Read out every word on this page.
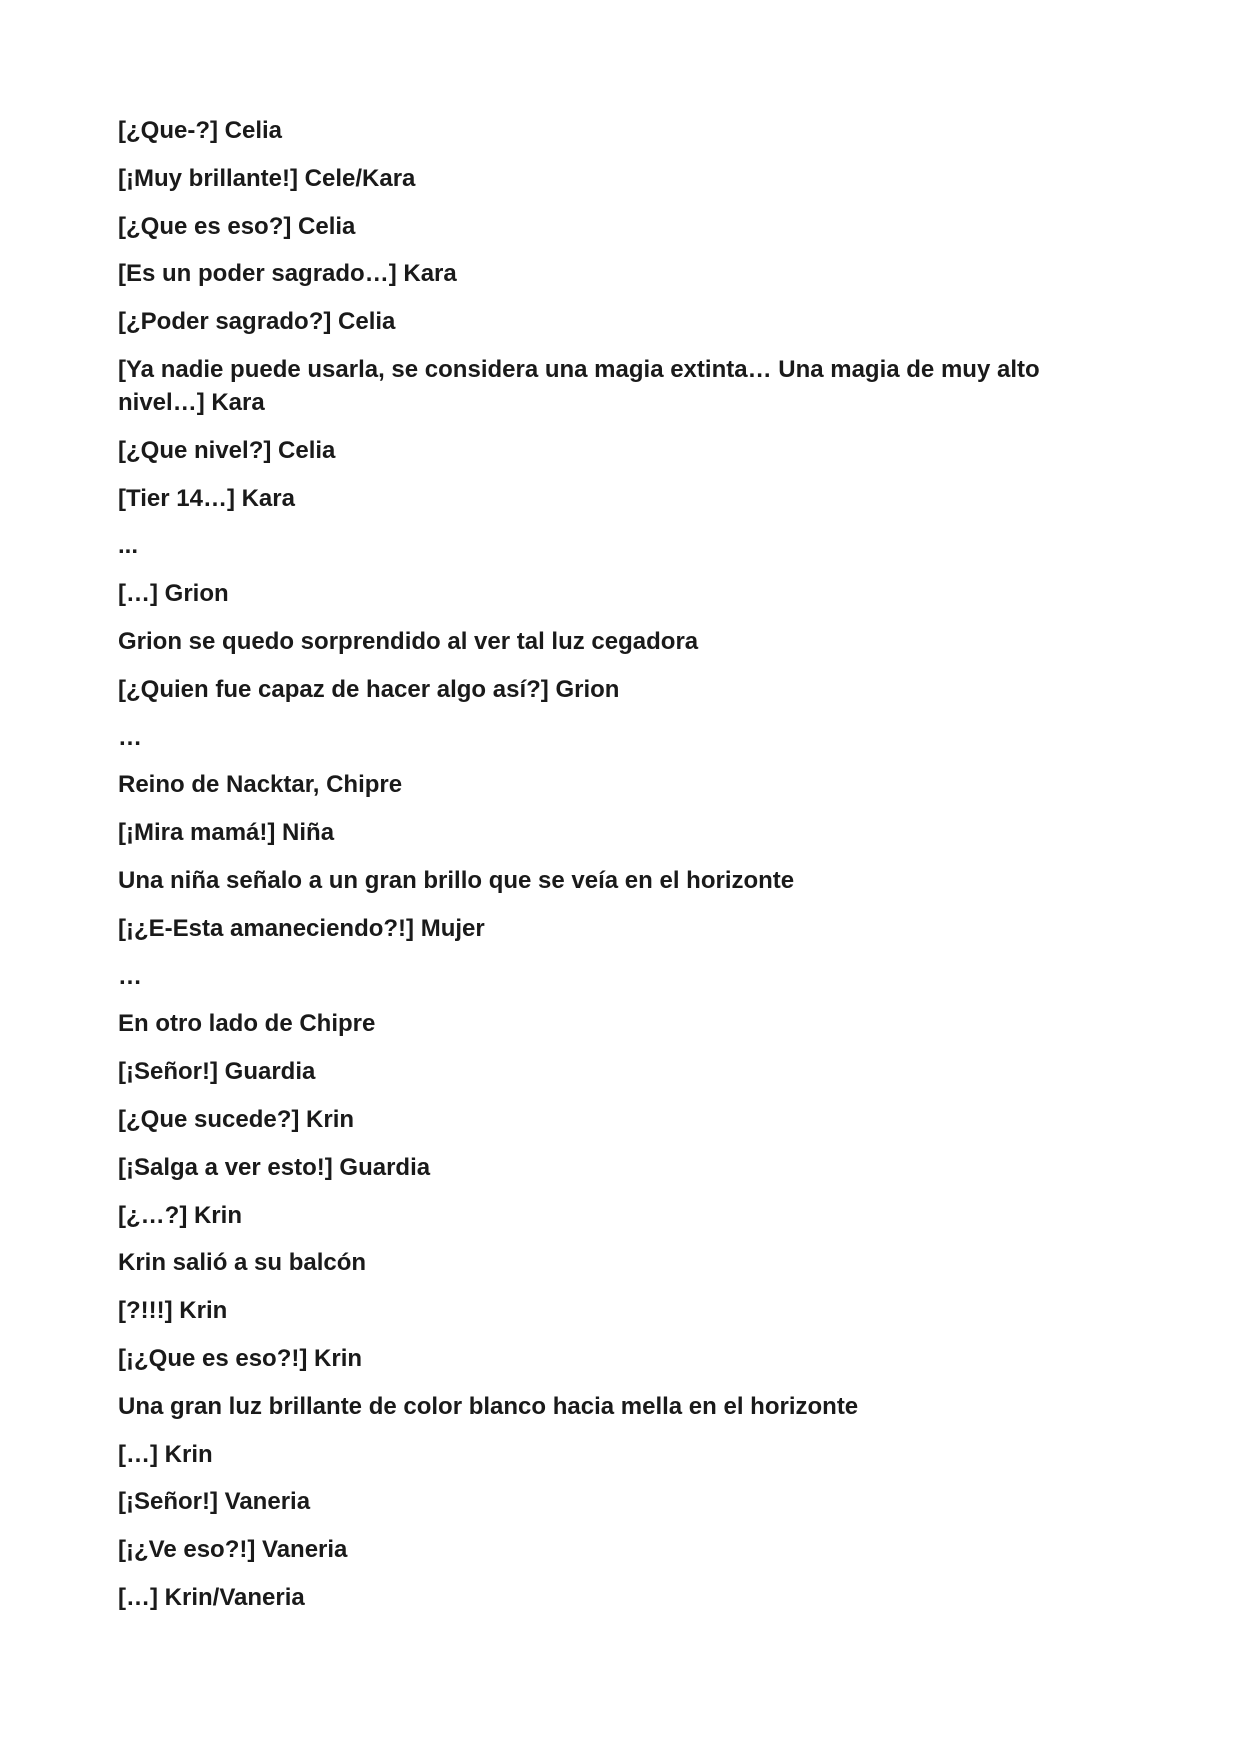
[¿Que-?] Celia

[¡Muy brillante!] Cele/Kara

[¿Que es eso?] Celia

[Es un poder sagrado…] Kara

[¿Poder sagrado?] Celia

[Ya nadie puede usarla, se considera una magia extinta… Una magia de muy alto nivel…] Kara

[¿Que nivel?] Celia

[Tier 14…] Kara

...

[…] Grion

Grion se quedo sorprendido al ver tal luz cegadora

[¿Quien fue capaz de hacer algo así?] Grion

…

Reino de Nacktar, Chipre

[¡Mira mamá!] Niña

Una niña señalo a un gran brillo que se veía en el horizonte

[¡¿E-Esta amaneciendo?!] Mujer

…

En otro lado de Chipre

[¡Señor!] Guardia

[¿Que sucede?] Krin

[¡Salga a ver esto!] Guardia

[¿…?] Krin

Krin salió a su balcón

[?!!!] Krin

[¡¿Que es eso?!] Krin

Una gran luz brillante de color blanco hacia mella en el horizonte

[…] Krin

[¡Señor!] Vaneria

[¡¿Ve eso?!] Vaneria

[…] Krin/Vaneria
